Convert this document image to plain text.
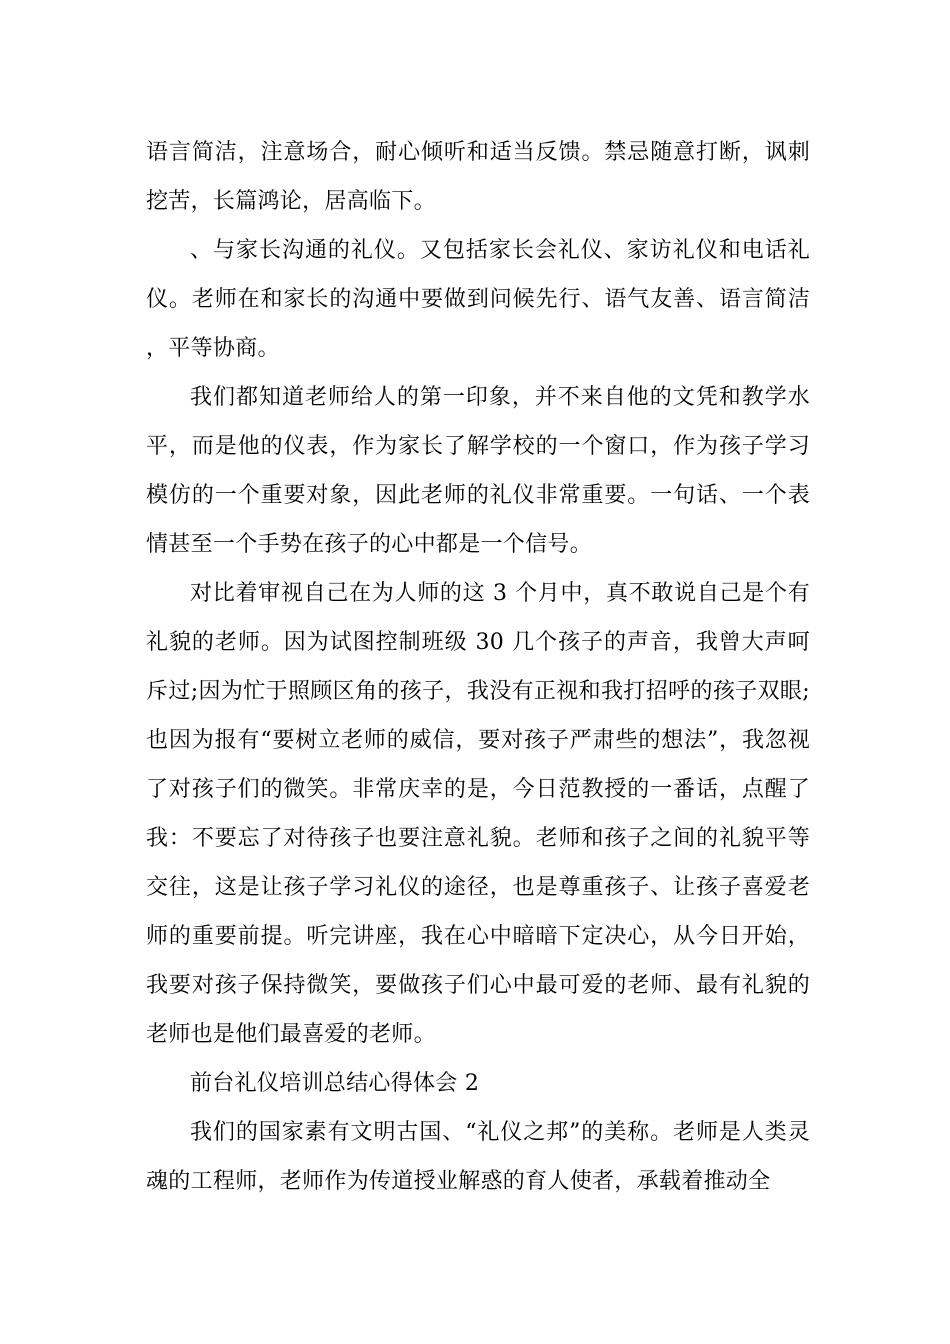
语言简洁，注意场合，耐心倾听和适当反馈。禁忌随意打断，讽刺挖苦，长篇鸿论，居高临下。

、与家长沟通的礼仪。又包括家长会礼仪、家访礼仪和电话礼仪。老师在和家长的沟通中要做到问候先行、语气友善、语言简洁，平等协商。

我们都知道老师给人的第一印象，并不来自他的文凭和教学水平，而是他的仪表，作为家长了解学校的一个窗口，作为孩子学习模仿的一个重要对象，因此老师的礼仪非常重要。一句话、一个表情甚至一个手势在孩子的心中都是一个信号。

对比着审视自己在为人师的这 3 个月中，真不敢说自己是个有礼貌的老师。因为试图控制班级 30 几个孩子的声音，我曾大声呵斥过;因为忙于照顾区角的孩子，我没有正视和我打招呼的孩子双眼;也因为报有“要树立老师的威信，要对孩子严肃些的想法”，我忽视了对孩子们的微笑。非常庆幸的是，今日范教授的一番话，点醒了我：不要忘了对待孩子也要注意礼貌。老师和孩子之间的礼貌平等交往，这是让孩子学习礼仪的途径，也是尊重孩子、让孩子喜爱老师的重要前提。听完讲座，我在心中暗暗下定决心，从今日开始，我要对孩子保持微笑，要做孩子们心中最可爱的老师、最有礼貌的老师也是他们最喜爱的老师。

前台礼仪培训总结心得体会 2

我们的国家素有文明古国、“礼仪之邦”的美称。老师是人类灵魂的工程师，老师作为传道授业解惑的育人使者，承载着推动全
